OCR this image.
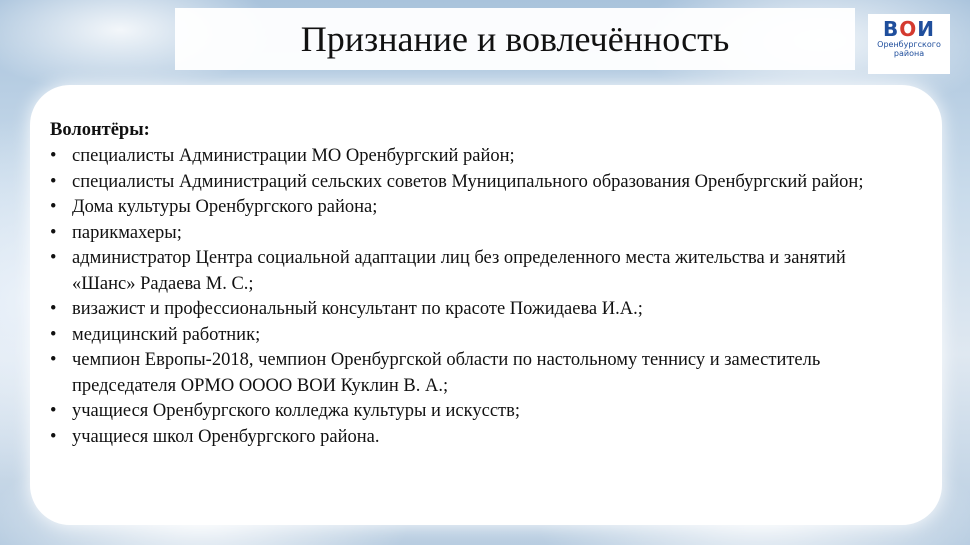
Признание и вовлечённость	ВОИ
Оренбургского
района

Волонтёры:

• специалисты Администрации МО Оренбургский район;
• специалисты Администраций сельских советов Муниципального образования Оренбургский район;
• Дома культуры Оренбургского района;
• парикмахеры;
• администратор Центра социальной адаптации лиц без определенного места жительства и занятий «Шанс» Радаева М. С.;
• визажист и профессиональный консультант по красоте Пожидаева И.А.;
• медицинский работник;
• чемпион Европы-2018, чемпион Оренбургской области по настольному теннису и заместитель председателя ОРМО ОООО ВОИ Куклин В. А.;
• учащиеся Оренбургского колледжа культуры и искусств;
• учащиеся школ Оренбургского района.
